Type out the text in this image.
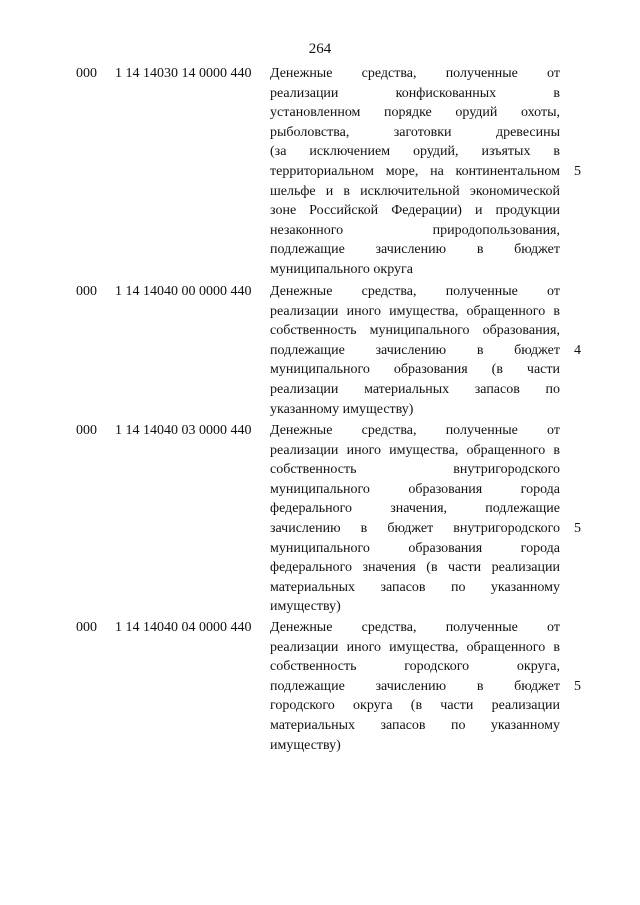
264
000 1 14 14030 14 0000 440 Денежные средства, полученные от
реализации конфискованных в
установленном порядке орудий охоты,
рыболовства, заготовки древесины
(за исключением орудий, изъятых в
территориальном море, на континентальном
шельфе и в исключительной экономической
зоне Российской Федерации) и продукции
незаконного природопользования,
подлежащие зачислению в бюджет
муниципального округа
5
000 1 14 14040 00 0000 440 Денежные средства, полученные от
реализации иного имущества, обращенного в
собственность муниципального образования,
подлежащие зачислению в бюджет
муниципального образования (в части
реализации материальных запасов по
указанному имуществу)
4
000 1 14 14040 03 0000 440 Денежные средства, полученные от
реализации иного имущества, обращенного в
собственность внутригородского
муниципального образования города
федерального значения, подлежащие
зачислению в бюджет внутригородского
муниципального образования города
федерального значения (в части реализации
материальных запасов по указанному
имуществу)
5
000 1 14 14040 04 0000 440 Денежные средства, полученные от
реализации иного имущества, обращенного в
собственность городского округа,
подлежащие зачислению в бюджет
городского округа (в части реализации
материальных запасов по указанному
имуществу)
5
